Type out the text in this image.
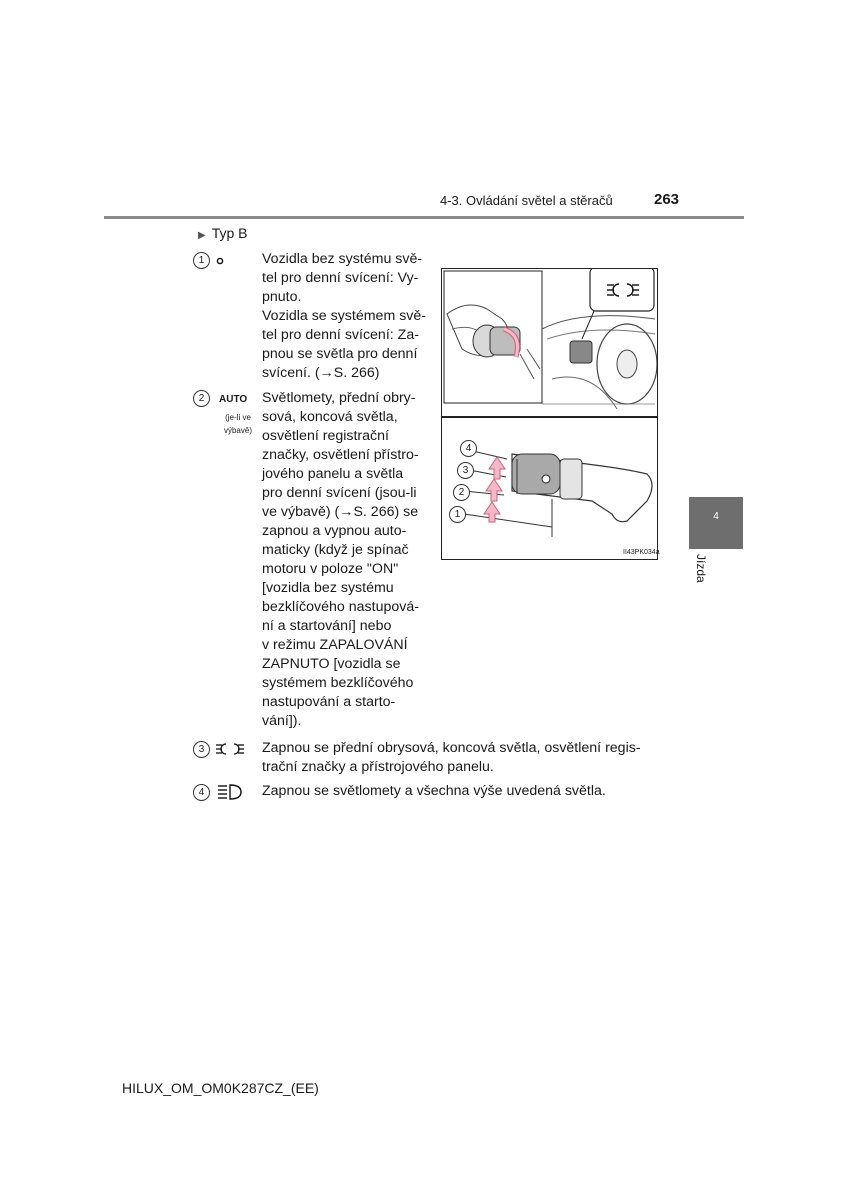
4-3. Ovládání světel a stěračů	263
▶ Typ B
1	Vozidla bez systému svě-
tel pro denní svícení: Vy-
pnuto.
Vozidla se systémem svě-
tel pro denní svícení: Za-
pnou se světla pro denní
svícení. (→S. 266)
2	AUTO
(je-li ve
výbavě)
Světlomety, přední obry-
sová, koncová světla,
osvětlení registrační
značky, osvětlení přístro-
jového panelu a světla
pro denní svícení (jsou-li
ve výbavě) (→S. 266) se
zapnou a vypnou auto-
maticky (když je spínač
motoru v poloze "ON"
[vozidla bez systému
bezklíčového nastupová-
ní a startování] nebo
v režimu ZAPALOVÁNÍ
ZAPNUTO [vozidla se
systémem bezklíčového
nastupování a starto-
vání]).
3	Zapnou se přední obrysová, koncová světla, osvětlení regis-
trační značky a přístrojového panelu.
4	Zapnou se světlomety a všechna výše uvedená světla.
4
3
2
1
II43PK034a
4
Jízda
HILUX_OM_OM0K287CZ_(EE)
